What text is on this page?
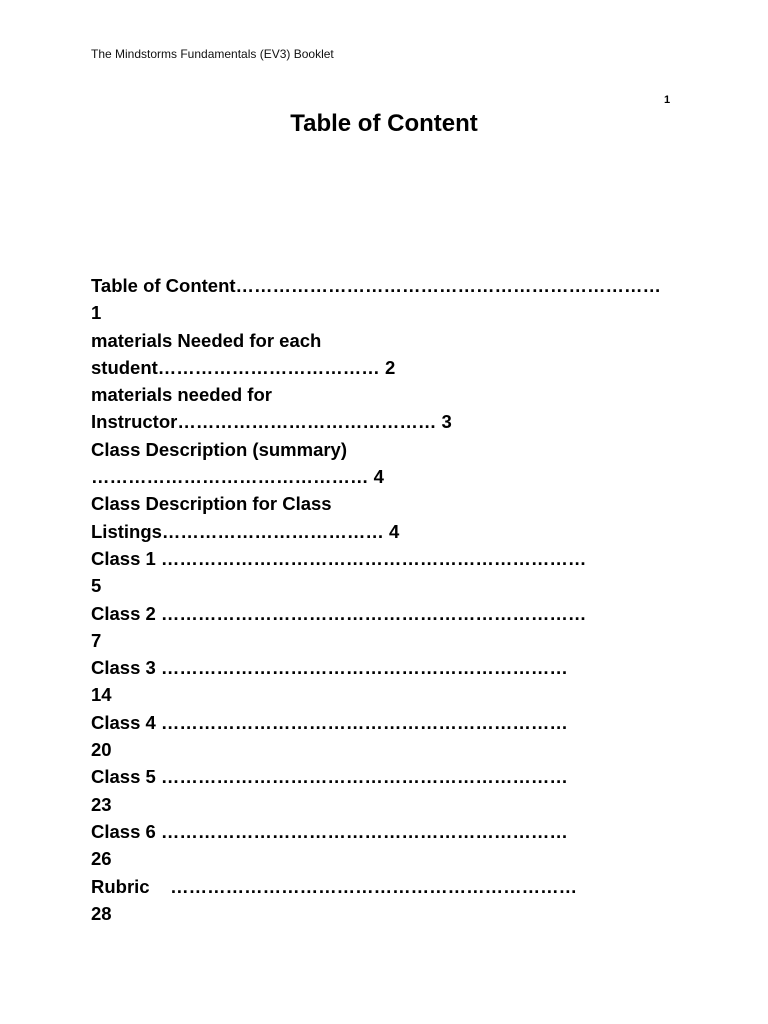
The Mindstorms Fundamentals (EV3) Booklet
1
Table of Content
Table of Content……………………………………………………………
1
materials Needed for each
student……………………………… 2
materials needed for
Instructor…………………………………… 3
Class Description (summary)
……………………………………… 4
Class Description for Class
Listings……………………………… 4
Class 1 ……………………………………………………………
5
Class 2 ……………………………………………………………
7
Class 3 …………………………………………………………
14
Class 4 …………………………………………………………
20
Class 5 …………………………………………………………
23
Class 6 …………………………………………………………
26
Rubric    …………………………………………………………
28
